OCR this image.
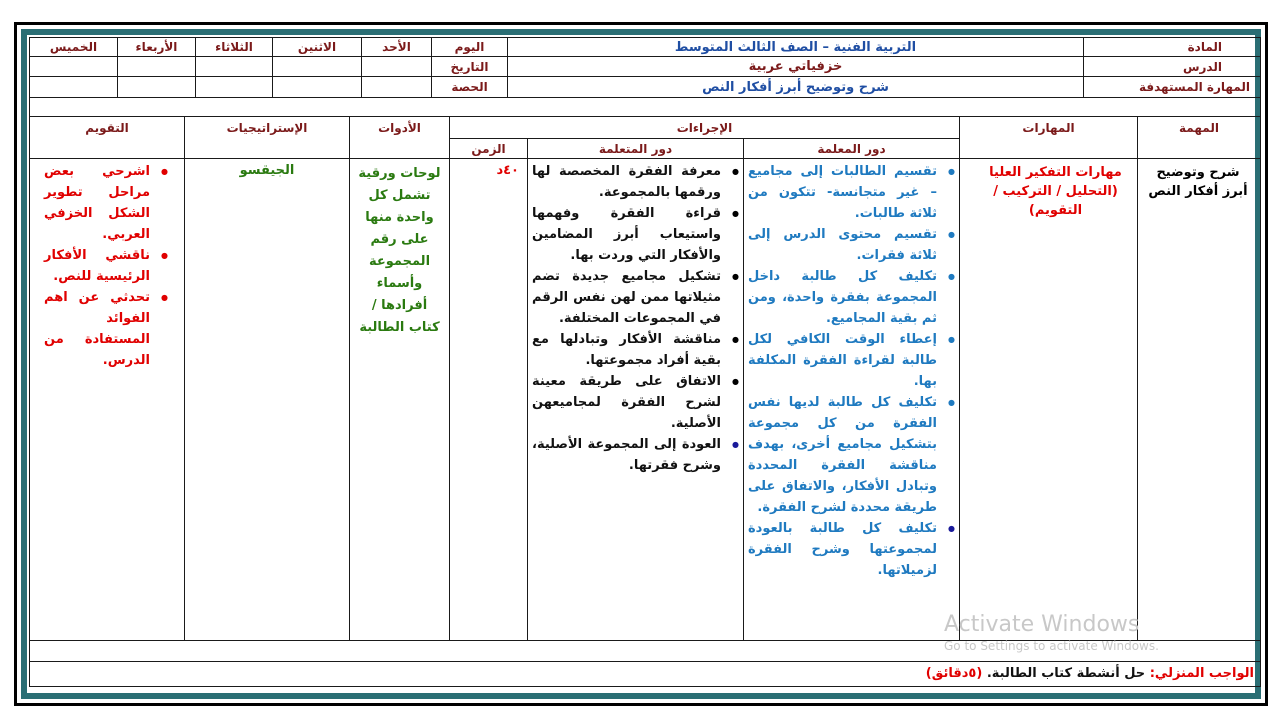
المادة
التربية الفنية – الصف الثالث المتوسط
اليوم
الأحد
الاثنين
الثلاثاء
الأربعاء
الخميس
الدرس
خزفياتي عربية
التاريخ
المهارة المستهدفة
شرح وتوضيح أبرز أفكار النص
الحصة
المهمة
المهارات
الإجراءات
دور المعلمة
دور المتعلمة
الزمن
الأدوات
الإستراتيجيات
التقويم
شرح وتوضيح أبرز أفكار النص
مهارات التفكير العليا (التحليل / التركيب / التقويم)
● تقسيم الطالبات إلى مجاميع – غير متجانسة- تتكون من ثلاثة طالبات.
● تقسيم محتوى الدرس إلى ثلاثة فقرات.
● تكليف كل طالبة داخل المجموعة بفقرة واحدة، ومن ثم بقية المجاميع.
● إعطاء الوقت الكافي لكل طالبة لقراءة الفقرة المكلفة بها.
● تكليف كل طالبة لديها نفس الفقرة من كل مجموعة بتشكيل مجاميع أخرى، بهدف مناقشة الفقرة المحددة وتبادل الأفكار، والاتفاق على طريقة محددة لشرح الفقرة.
● تكليف كل طالبة بالعودة لمجموعتها وشرح الفقرة لزميلاتها.
● معرفة الفقرة المخصصة لها ورقمها بالمجموعة.
● قراءة الفقرة وفهمها واستيعاب أبرز المضامين والأفكار التي وردت بها.
● تشكيل مجاميع جديدة تضم مثيلاتها ممن لهن نفس الرقم في المجموعات المختلفة.
● مناقشة الأفكار وتبادلها مع بقية أفراد مجموعتها.
● الاتفاق على طريقة معينة لشرح الفقرة لمجاميعهن الأصلية.
● العودة إلى المجموعة الأصلية، وشرح فقرتها.
٤٠د
لوحات ورقية تشمل كل واحدة منها على رقم المجموعة وأسماء أفرادها / كتاب الطالبة
الجيقسو
● اشرحي بعض مراحل تطوير الشكل الخزفي العربي.
● ناقشي الأفكار الرئيسية للنص.
● تحدثي عن اهم الفوائد المستفادة من الدرس.
الواجب المنزلي: حل أنشطة كتاب الطالبة. (٥دقائق)
Activate Windows
Go to Settings to activate Windows.
